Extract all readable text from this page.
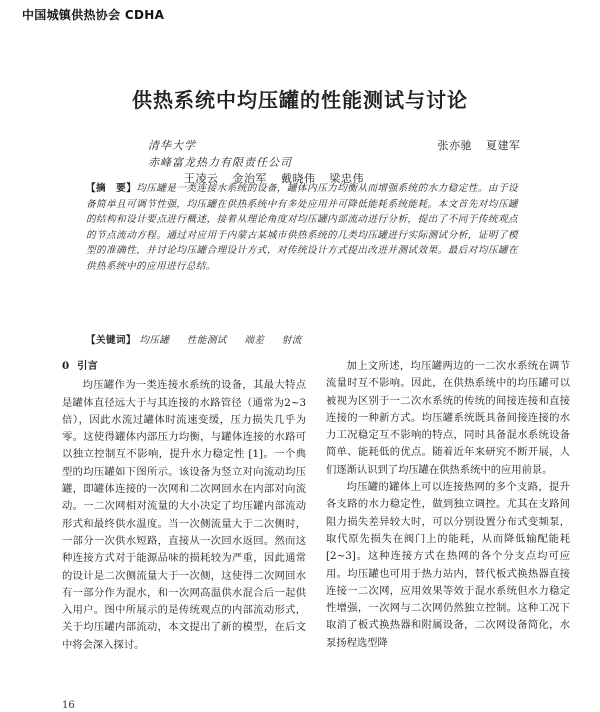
中国城镇供热协会 CDHA
供热系统中均压罐的性能测试与讨论
清华大学	张亦驰 夏建军
赤峰富龙热力有限责任公司 王凌云 金治军 戴晓伟 梁忠伟
【摘　要】均压罐是一类连接水系统的设备，罐体内压力均衡从而增强系统的水力稳定性。由于设备简单且可调节性强，均压罐在供热系统中有多处应用并可降低能耗系统能耗。本文首先对均压罐的结构和设计要点进行概述，接着从理论角度对均压罐内部流动进行分析，提出了不同于传统观点的节点流动方程。通过对应用于内蒙古某城市供热系统的几类均压罐进行实际测试分析，证明了模型的准确性，并讨论均压罐合理设计方式，对传统设计方式提出改进并测试效果。最后对均压罐在供热系统中的应用进行总结。
【关键词】 均压罐 性能测试 端差 射流

0 引言

均压罐作为一类连接水系统的设备，其最大特点是罐体直径远大于与其连接的水路管径（通常为2~3倍），因此水流过罐体时流速变缓，压力损失几乎为零。这使得罐体内部压力均衡，与罐体连接的水路可以独立控制互不影响，提升水力稳定性 [1]。一个典型的均压罐如下图所示。该设备为竖立对向流动均压罐，即罐体连接的一次网和二次网回水在内部对向流动。一二次网相对流量的大小决定了均压罐内部流动形式和最终供水温度。当一次侧流量大于二次侧时，一部分一次供水短路，直接从一次回水返回。然而这种连接方式对于能源品味的损耗较为严重，因此通常的设计是二次侧流量大于一次侧，这使得二次网回水有一部分作为混水，和一次网高温供水混合后一起供入用户。图中所展示的是传统观点的内部流动形式，关于均压罐内部流动，本文提出了新的模型，在后文中将会深入探讨。

加上文所述，均压罐两边的一二次水系统在调节流量时互不影响。因此，在供热系统中的均压罐可以被视为区别于一二次水系统的传统的间接连接和直接连接的一种新方式。均压罐系统既具备间接连接的水力工况稳定互不影响的特点，同时具备混水系统设备简单、能耗低的优点。随着近年来研究不断开展，人们逐渐认识到了均压罐在供热系统中的应用前景。

均压罐的罐体上可以连接热网的多个支路，提升各支路的水力稳定性，做到独立调控。尤其在支路间阻力损失差异较大时，可以分别设置分布式变频泵，取代原先损失在阀门上的能耗，从而降低输配能耗 [2~3]。这种连接方式在热网的各个分支点均可应用。均压罐也可用于热力站内，替代板式换热器直接连接一二次网，应用效果等效于混水系统但水力稳定性增强，一次网与二次网仍然独立控制。这种工况下取消了板式换热器和附属设备，二次网设备简化，水泵扬程选型降

16
